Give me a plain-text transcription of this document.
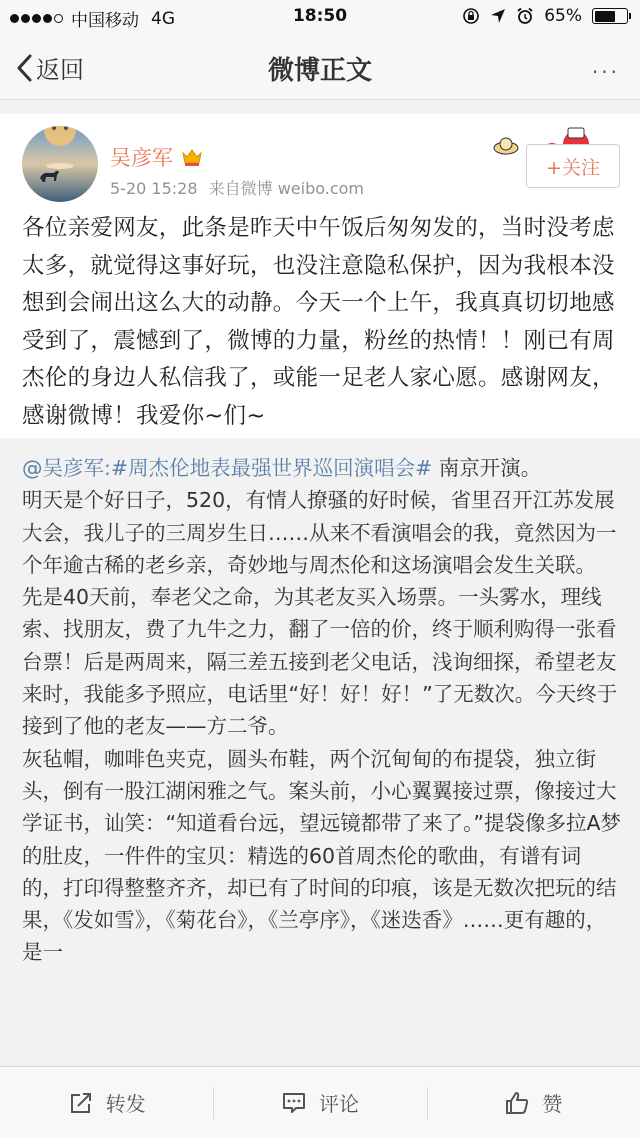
中国移动 4G	18:50	65%
返回	微博正文	···
吴彦军
5-20 15:28 来自微博 weibo.com
+关注
各位亲爱网友，此条是昨天中午饭后匆匆发的，当时没考虑太多，就觉得这事好玩，也没注意隐私保护，因为我根本没想到会闹出这么大的动静。今天一个上午，我真真切切地感受到了，震憾到了，微博的力量，粉丝的热情！！刚已有周杰伦的身边人私信我了，或能一足老人家心愿。感谢网友，感谢微博！我爱你~们~

@吴彦军:#周杰伦地表最强世界巡回演唱会# 南京开演。

明天是个好日子，520，有情人撩骚的好时候，省里召开江苏发展大会，我儿子的三周岁生日……从来不看演唱会的我，竟然因为一个年逾古稀的老乡亲，奇妙地与周杰伦和这场演唱会发生关联。

先是40天前，奉老父之命，为其老友买入场票。一头雾水，理线索、找朋友，费了九牛之力，翻了一倍的价，终于顺利购得一张看台票！后是两周来，隔三差五接到老父电话，浅询细探，希望老友来时，我能多予照应，电话里“好！好！好！”了无数次。今天终于接到了他的老友——方二爷。

灰毡帽，咖啡色夹克，圆头布鞋，两个沉甸甸的布提袋，独立街头，倒有一股江湖闲雅之气。案头前，小心翼翼接过票，像接过大学证书，讪笑：“知道看台远，望远镜都带了来了。”提袋像多拉A梦的肚皮，一件件的宝贝：精选的60首周杰伦的歌曲，有谱有词的，打印得整整齐齐，却已有了时间的印痕，该是无数次把玩的结果，《发如雪》，《菊花台》，《兰亭序》，《迷迭香》……更有趣的，是一

转发	评论	赞
